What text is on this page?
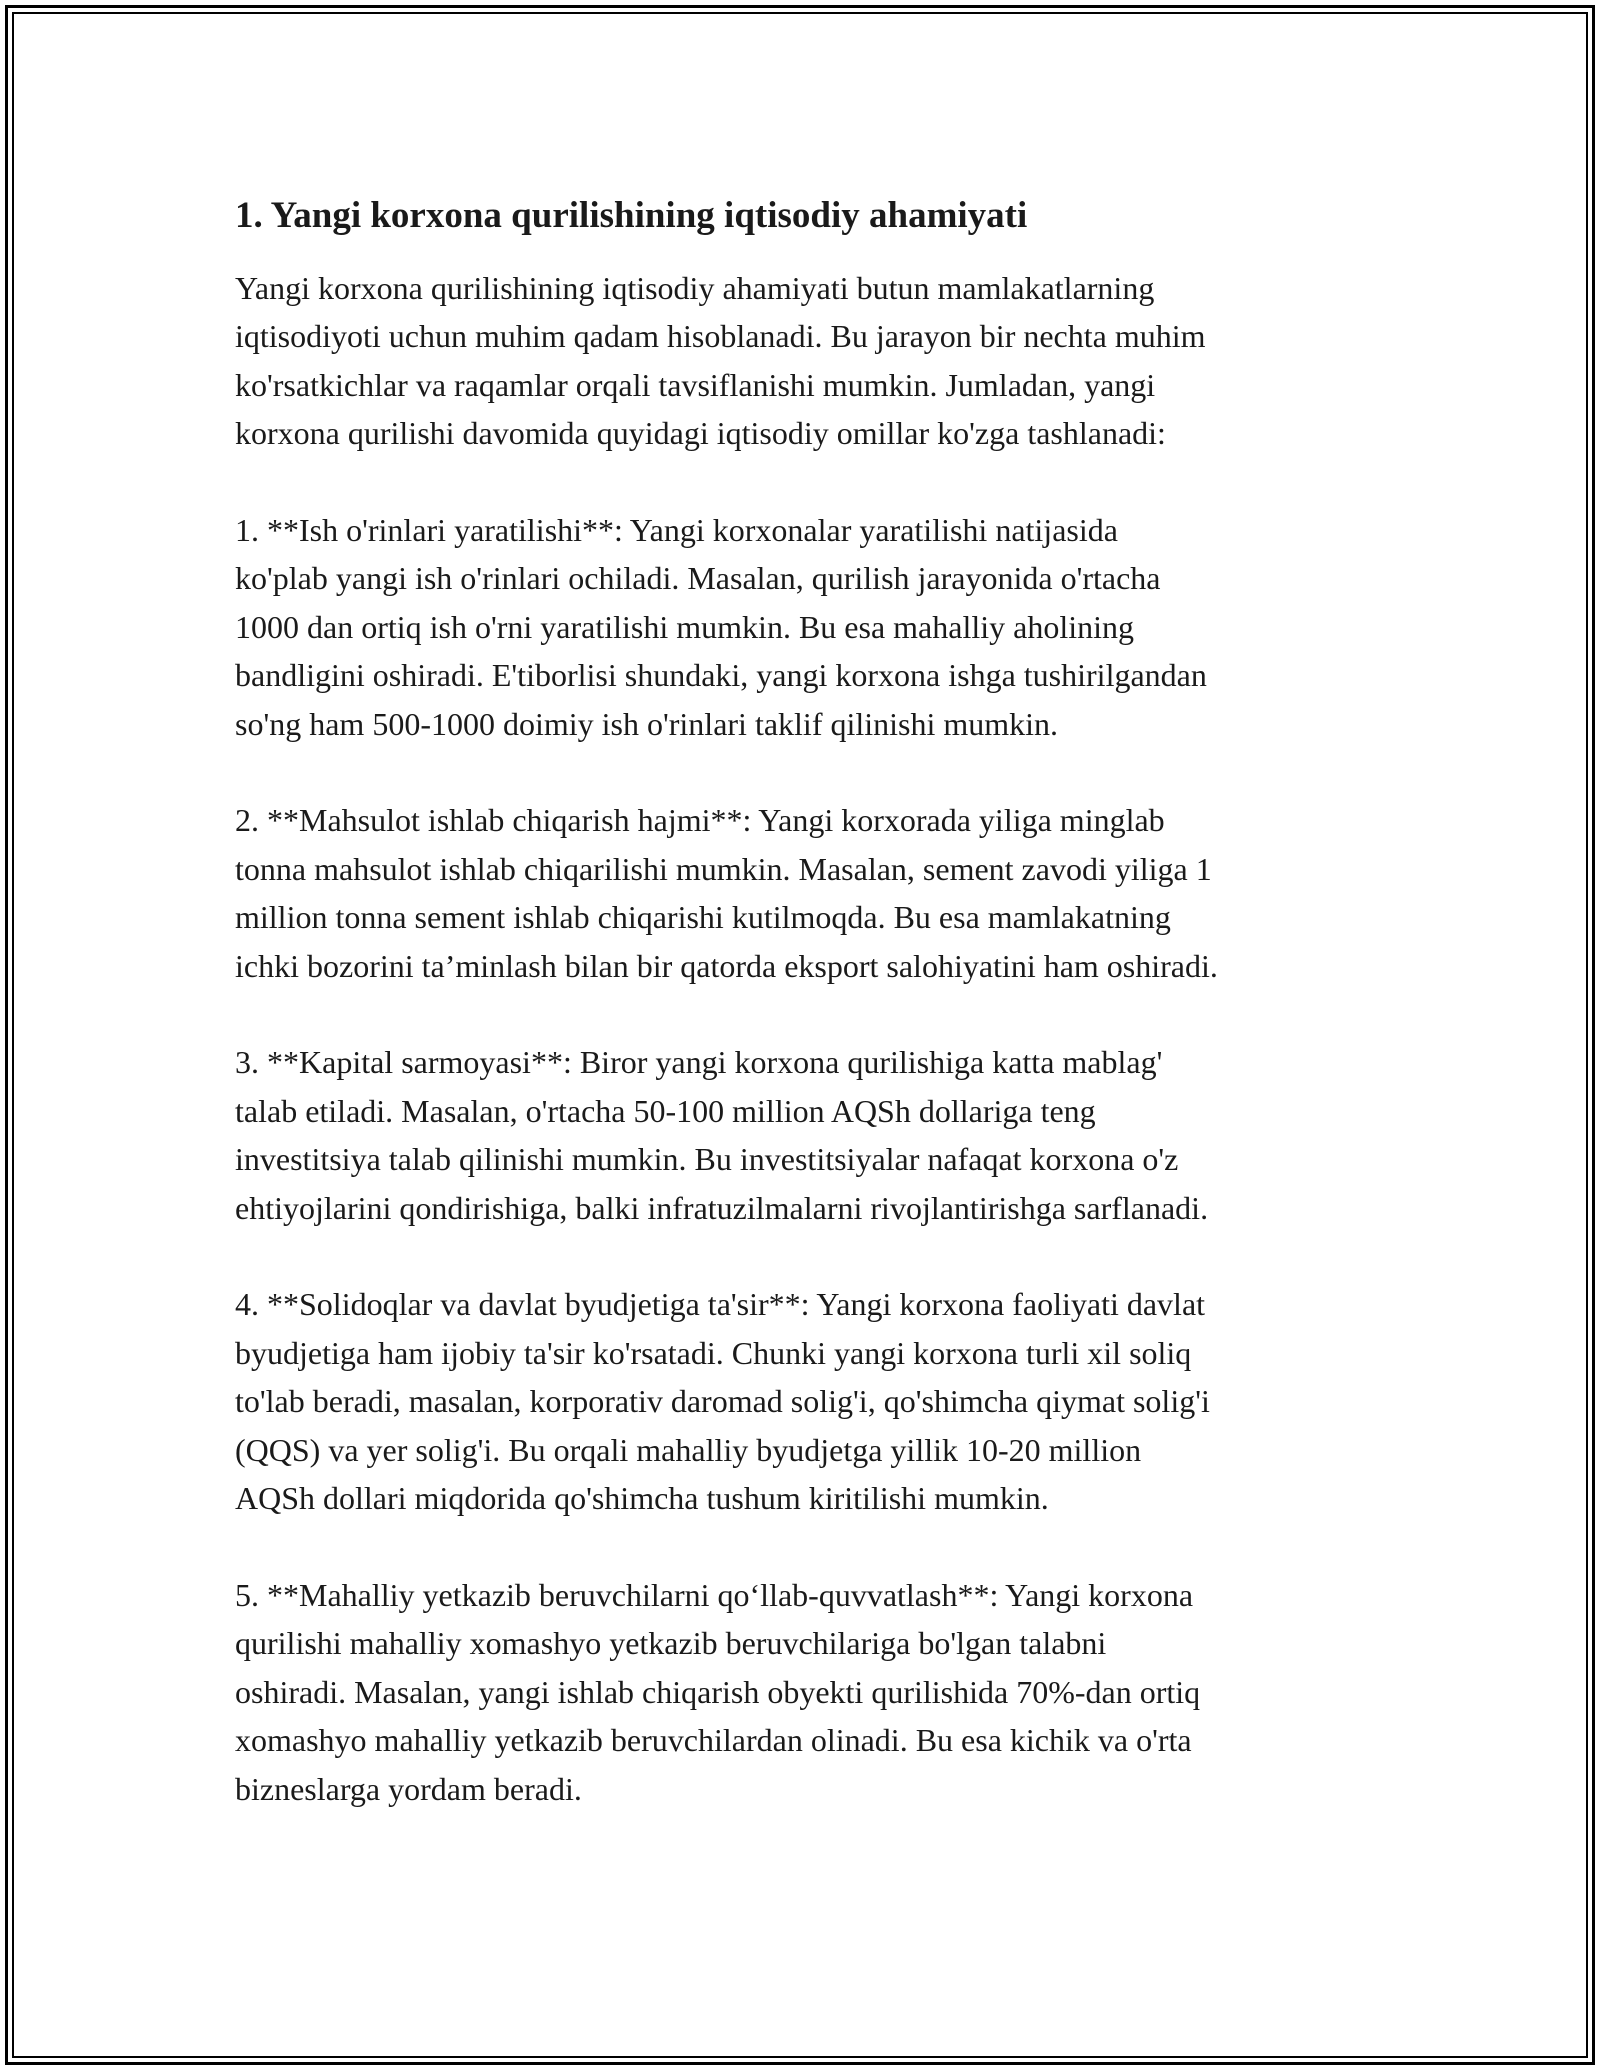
1. Yangi korxona qurilishining iqtisodiy ahamiyati

Yangi korxona qurilishining iqtisodiy ahamiyati butun mamlakatlarning
iqtisodiyoti uchun muhim qadam hisoblanadi. Bu jarayon bir nechta muhim
ko'rsatkichlar va raqamlar orqali tavsiflanishi mumkin. Jumladan, yangi
korxona qurilishi davomida quyidagi iqtisodiy omillar ko'zga tashlanadi:

1. **Ish o'rinlari yaratilishi**: Yangi korxonalar yaratilishi natijasida
ko'plab yangi ish o'rinlari ochiladi. Masalan, qurilish jarayonida o'rtacha
1000 dan ortiq ish o'rni yaratilishi mumkin. Bu esa mahalliy aholining
bandligini oshiradi. E'tiborlisi shundaki, yangi korxona ishga tushirilgandan
so'ng ham 500-1000 doimiy ish o'rinlari taklif qilinishi mumkin.

2. **Mahsulot ishlab chiqarish hajmi**: Yangi korxorada yiliga minglab
tonna mahsulot ishlab chiqarilishi mumkin. Masalan, sement zavodi yiliga 1
million tonna sement ishlab chiqarishi kutilmoqda. Bu esa mamlakatning
ichki bozorini ta’minlash bilan bir qatorda eksport salohiyatini ham oshiradi.

3. **Kapital sarmoyasi**: Biror yangi korxona qurilishiga katta mablag'
talab etiladi. Masalan, o'rtacha 50-100 million AQSh dollariga teng
investitsiya talab qilinishi mumkin. Bu investitsiyalar nafaqat korxona o'z
ehtiyojlarini qondirishiga, balki infratuzilmalarni rivojlantirishga sarflanadi.

4. **Solidoqlar va davlat byudjetiga ta'sir**: Yangi korxona faoliyati davlat
byudjetiga ham ijobiy ta'sir ko'rsatadi. Chunki yangi korxona turli xil soliq
to'lab beradi, masalan, korporativ daromad solig'i, qo'shimcha qiymat solig'i
(QQS) va yer solig'i. Bu orqali mahalliy byudjetga yillik 10-20 million
AQSh dollari miqdorida qo'shimcha tushum kiritilishi mumkin.

5. **Mahalliy yetkazib beruvchilarni qo‘llab-quvvatlash**: Yangi korxona
qurilishi mahalliy xomashyo yetkazib beruvchilariga bo'lgan talabni
oshiradi. Masalan, yangi ishlab chiqarish obyekti qurilishida 70%-dan ortiq
xomashyo mahalliy yetkazib beruvchilardan olinadi. Bu esa kichik va o'rta
bizneslarga yordam beradi.
